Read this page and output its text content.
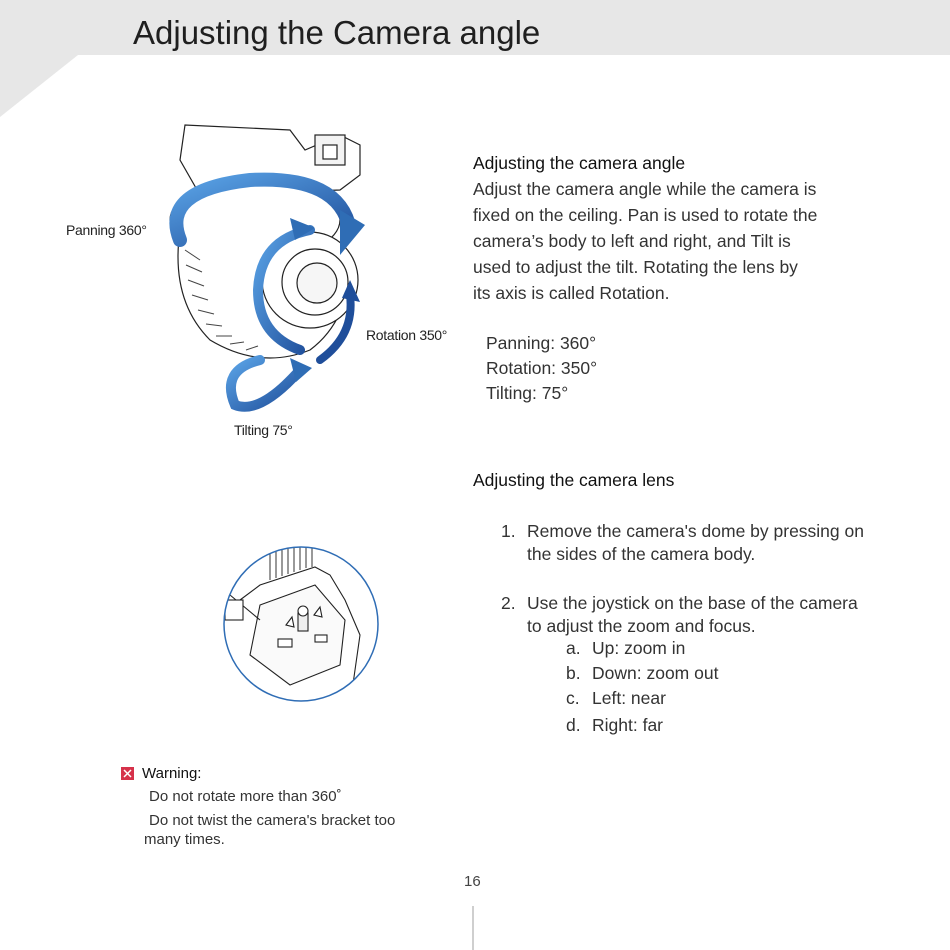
Adjusting the Camera angle
Panning 360°
Rotation 350°
Tilting 75°
Adjusting the camera angle

Adjust the camera angle while the camera is

fixed on the ceiling. Pan is used to rotate the

camera’s body to left and right, and Tilt is

used to adjust the tilt. Rotating the lens by

its axis is called Rotation.

Panning: 360°
Rotation: 350°
Tilting: 75°
Adjusting the camera lens
1. Remove the camera's dome by pressing on the sides of the camera body.
2. Use the joystick on the base of the camera to adjust the zoom and focus.
a. Up: zoom in
b. Down: zoom out
c. Left: near
d. Right: far
Warning:
Do not rotate more than 360˚
Do not twist the camera's bracket too
many times.
16
